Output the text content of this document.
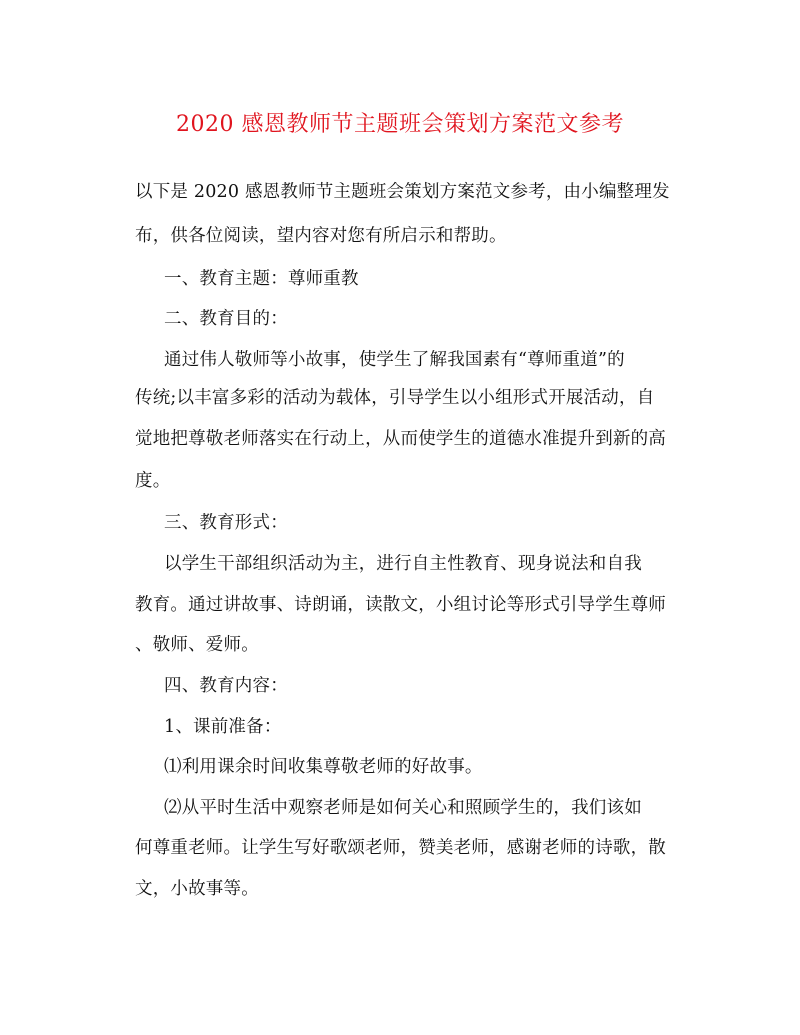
2020 感恩教师节主题班会策划方案范文参考
以下是 2020 感恩教师节主题班会策划方案范文参考，由小编整理发
布，供各位阅读，望内容对您有所启示和帮助。
一、教育主题：尊师重教
二、教育目的：
通过伟人敬师等小故事，使学生了解我国素有“尊师重道”的
传统;以丰富多彩的活动为载体，引导学生以小组形式开展活动，自
觉地把尊敬老师落实在行动上，从而使学生的道德水准提升到新的高
度。
三、教育形式：
以学生干部组织活动为主，进行自主性教育、现身说法和自我
教育。通过讲故事、诗朗诵，读散文，小组讨论等形式引导学生尊师
、敬师、爱师。
四、教育内容：
1、课前准备：
⑴利用课余时间收集尊敬老师的好故事。
⑵从平时生活中观察老师是如何关心和照顾学生的，我们该如
何尊重老师。让学生写好歌颂老师，赞美老师，感谢老师的诗歌，散
文，小故事等。
